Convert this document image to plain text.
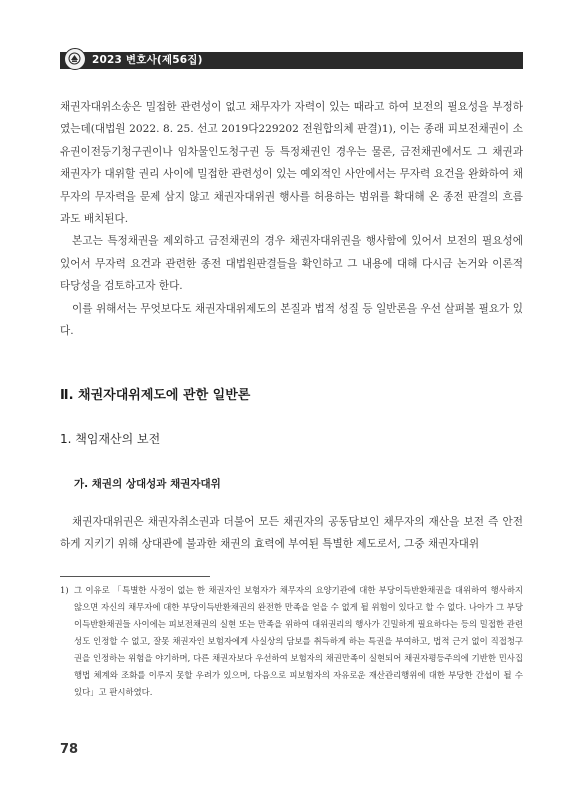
2023 변호사(제56집)

채권자대위소송은 밀접한 관련성이 없고 채무자가 자력이 있는 때라고 하여 보전의 필요성을 부정하였는데(대법원 2022. 8. 25. 선고 2019다229202 전원합의체 판결)1), 이는 종래 피보전채권이 소유권이전등기청구권이나 임차물인도청구권 등 특정채권인 경우는 물론, 금전채권에서도 그 채권과 채권자가 대위할 권리 사이에 밀접한 관련성이 있는 예외적인 사안에서는 무자력 요건을 완화하여 채무자의 무자력을 문제 삼지 않고 채권자대위권 행사를 허용하는 범위를 확대해 온 종전 판결의 흐름과도 배치된다.

본고는 특정채권을 제외하고 금전채권의 경우 채권자대위권을 행사함에 있어서 보전의 필요성에 있어서 무자력 요건과 관련한 종전 대법원판결들을 확인하고 그 내용에 대해 다시금 논거와 이론적 타당성을 검토하고자 한다.

이를 위해서는 무엇보다도 채권자대위제도의 본질과 법적 성질 등 일반론을 우선 살펴볼 필요가 있다.

Ⅱ. 채권자대위제도에 관한 일반론
1. 책임재산의 보전
가. 채권의 상대성과 채권자대위
채권자대위권은 채권자취소권과 더불어 모든 채권자의 공동담보인 채무자의 재산을 보전 즉 안전하게 지키기 위해 상대관에 불과한 채권의 효력에 부여된 특별한 제도로서, 그중 채권자대위
1) 그 이유로 「특별한 사정이 없는 한 채권자인 보험자가 채무자의 요양기관에 대한 부당이득반환채권을 대위하여 행사하지 않으면 자신의 채무자에 대한 부당이득반환채권의 완전한 만족을 얻을 수 없게 될 위험이 있다고 할 수 없다. 나아가 그 부당이득반환채권들 사이에는 피보전채권의 실현 또는 만족을 위하여 대위권리의 행사가 긴밀하게 필요하다는 등의 밀접한 관련성도 인정할 수 없고, 잘못 채권자인 보험자에게 사실상의 담보를 취득하게 하는 특권을 부여하고, 법적 근거 없이 직접청구권을 인정하는 위험을 야기하며, 다른 채권자보다 우선하여 보험자의 채권만족이 실현되어 채권자평등주의에 기반한 민사집행법 체계와 조화를 이루지 못할 우려가 있으며, 다음으로 피보험자의 자유로운 재산관리행위에 대한 부당한 간섭이 될 수 있다」고 판시하였다.
78
